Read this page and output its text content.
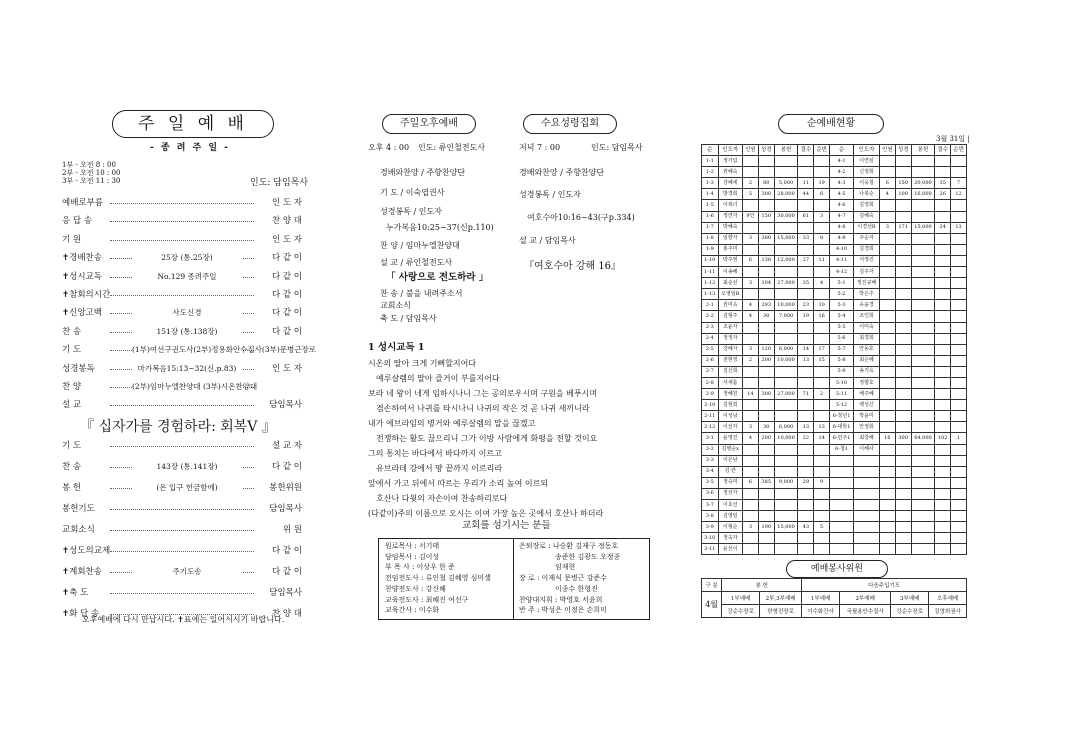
주 일 예 배
- 종 려 주 일 -
1부 - 오전 8 : 00
2부 - 오전 10 : 00
3부 - 오전 11 : 30	인도: 담임목사
예배로부름	인 도 자
응 답 송	찬 양 대
기 원	인 도 자
✝경배찬송	25장 (통.25장)	다 같 이
✝성시교독	No.129 종려주일	다 같 이
✝참회의시간	다 같 이
✝신앙고백	사도신경	다 같 이
찬 송	151장 (통.138장)	다 같 이
기 도	(1부)여선구권도사(2부)정용화안수집사(3부)문병근장로
성경봉독	마가복음15:13~32(신.p.83)	인 도 자
찬 양	(2부)임마누엘찬양대 (3부)시온찬양대
설 교	담임목사
『 십자가를 경험하라: 회복Ⅴ 』
기 도	설 교 자
찬 송	143장 (통.141장)	다 같 이
봉 헌	(온 입구 헌금함에)	봉헌위원
봉헌기도	담임목사
교회소식	위 원
✝성도의교제	다 같 이
✝계회찬송	주기도송	다 같 이
✝축 도	담임목사
✝화 답 송	찬 양 대
오후예배에 다시 만납시다. ✝표에는 일어서시기 바랍니다.
주일오후예배	수요성령집회
오후 4 : 00 인도: 류인철전도사
경배와찬양 / 주향찬양단
기 도 / 이숙엽권사
성경봉독 / 인도자
누가복음10:25~37(신p.110)
찬 양 / 임마누엘찬양대
설 교 / 류인철전도사
「 사랑으로 전도하라 」
찬 송 / 불을 내려주소서
교회소식
축 도 / 담임목사
저녁 7 : 00	인도: 담임목사
경배와찬양 / 주향찬양단
성경봉독 / 인도자
여호수아10:16~43(구p.334)
설 교 / 담임목사
『여호수아 강해 16』
1 성시교독 1
시온의 딸아 크게 기뻐할지어다
예루살렘의 딸아 즐거이 부를지어다
보라 네 왕이 네게 임하시나니 그는 공의로우시며 구원을 베푸시며
겸손하여서 나귀를 타시나니 나귀의 작은 것 곧 나귀 새끼니라
내가 에브라임의 병거와 예루살렘의 말을 끊겠고
전쟁하는 활도 끊으리니 그가 이방 사람에게 화평을 전할 것이요
그의 통치는 바다에서 바다까지 이르고
유브라데 강에서 땅 끝까지 이르리라
앞에서 가고 뒤에서 따르는 무리가 소리 높여 이르되
호산나 다윗의 자손이여 찬송하리로다
(다같이)주의 이름으로 오시는 이여 가장 높은 곳에서 호산나 하더라
교회를 섬기시는 분들
원로목사 : 서기태
담임목사 : 김이성
부 목 사 : 이상우 한 준
전임전도사 : 류인철 김혜영 심미셸
찬양전도사 : 강신혜
교육전도사 : 최혜진 여선구
교육간사 : 이수화
은퇴장로 : 나승환 김재구 정동호
송준한 김광도 오정종
임재현
장 로 : 이재식 문병근 강준수
이종수 한형진
찬양대지휘 : 박영호 서윤희
반 주 : 박성은 이정은 손희미
순예배현황
3월 31일 |
순	인도자	인원	성경	봉헌	결수	순번	순	인도자	인원	성경	봉헌	결수	순번
1-1	정가림						4-1	이연심					
1-2	권혜숙						4-2	신정희					
1-3	강혜세	2	80	5,000	11	19	4-3	이욱철	6	150	20,000	35	7
1-4	방경희	5	300	28,000	44	6	4-5	나복순	4	100	16,000	26	12
1-5	이복녀						4-6	김정희					
1-6	정연자	9인	150	30,000	61	3	4-7	김혜숙					
1-7	박혜숙						4-8	이경선B	3	171	15,000	24	13
1-8	임향자	3	380	15,000	33	8	4-9	주순자					
1-9	홍주미						4-10	김경희					
1-10	박주영	6	138	12,000	27	11	4-11	서정진					
1-11	이송혜						4-12	김주자					
1-12	최순선	3	104	27,000	35	4	5-1	정진규배					
1-13	오영임B						5-2	박은주					
2-1	권미옥	4	293	10,000	23	10	5-3	유윤경					
2-2	김형주	4	30	7,000	19	16	5-4	조인희					
2-3	조윤자						5-5	이미숙					
2-4	정정자						5-6	최경희					
2-5	강혜자	3	120	6,000	14	17	5-7	안동호					
2-6	전현정	2	200	10,000	13	15	5-8	최은혜					
2-7	김신희						5-9	송기옥					
2-8	서새롬						5-10	정향호					
2-9	정혜원	14	300	27,000	71	2	5-11	배주혜					
2-10	김현희						5-12	백성신					
2-11	이성남						6-청년1	박윤미					
2-12	이선자	3	30	6,000	13	13	6-대학1	안정희					
3-1	윤영진	4	200	10,000	22	14	6-민주1	최강해	16	300	64,000	102	1
3-2	김병순x						6-청1	이혜사					
3-3	이은남												
3-4	김 란												
3-5	정숙미	6	385	9,000	29	9							
3-6	정선자												
3-7	이호선												
3-8	김영임												
3-9	이형순	3	190	15,000	43	5							
3-10	정옥자												
3-11	윤선이												
예배봉사위원
구 분	봉 헌		다음주입기도			
4월	1부예배	2부,3부예배	1부예배	2부예배	3부예배	오후예배
	강순수장로	한형진장로	이수화간사	국필용안수집사	강순수장로	김영희권사
